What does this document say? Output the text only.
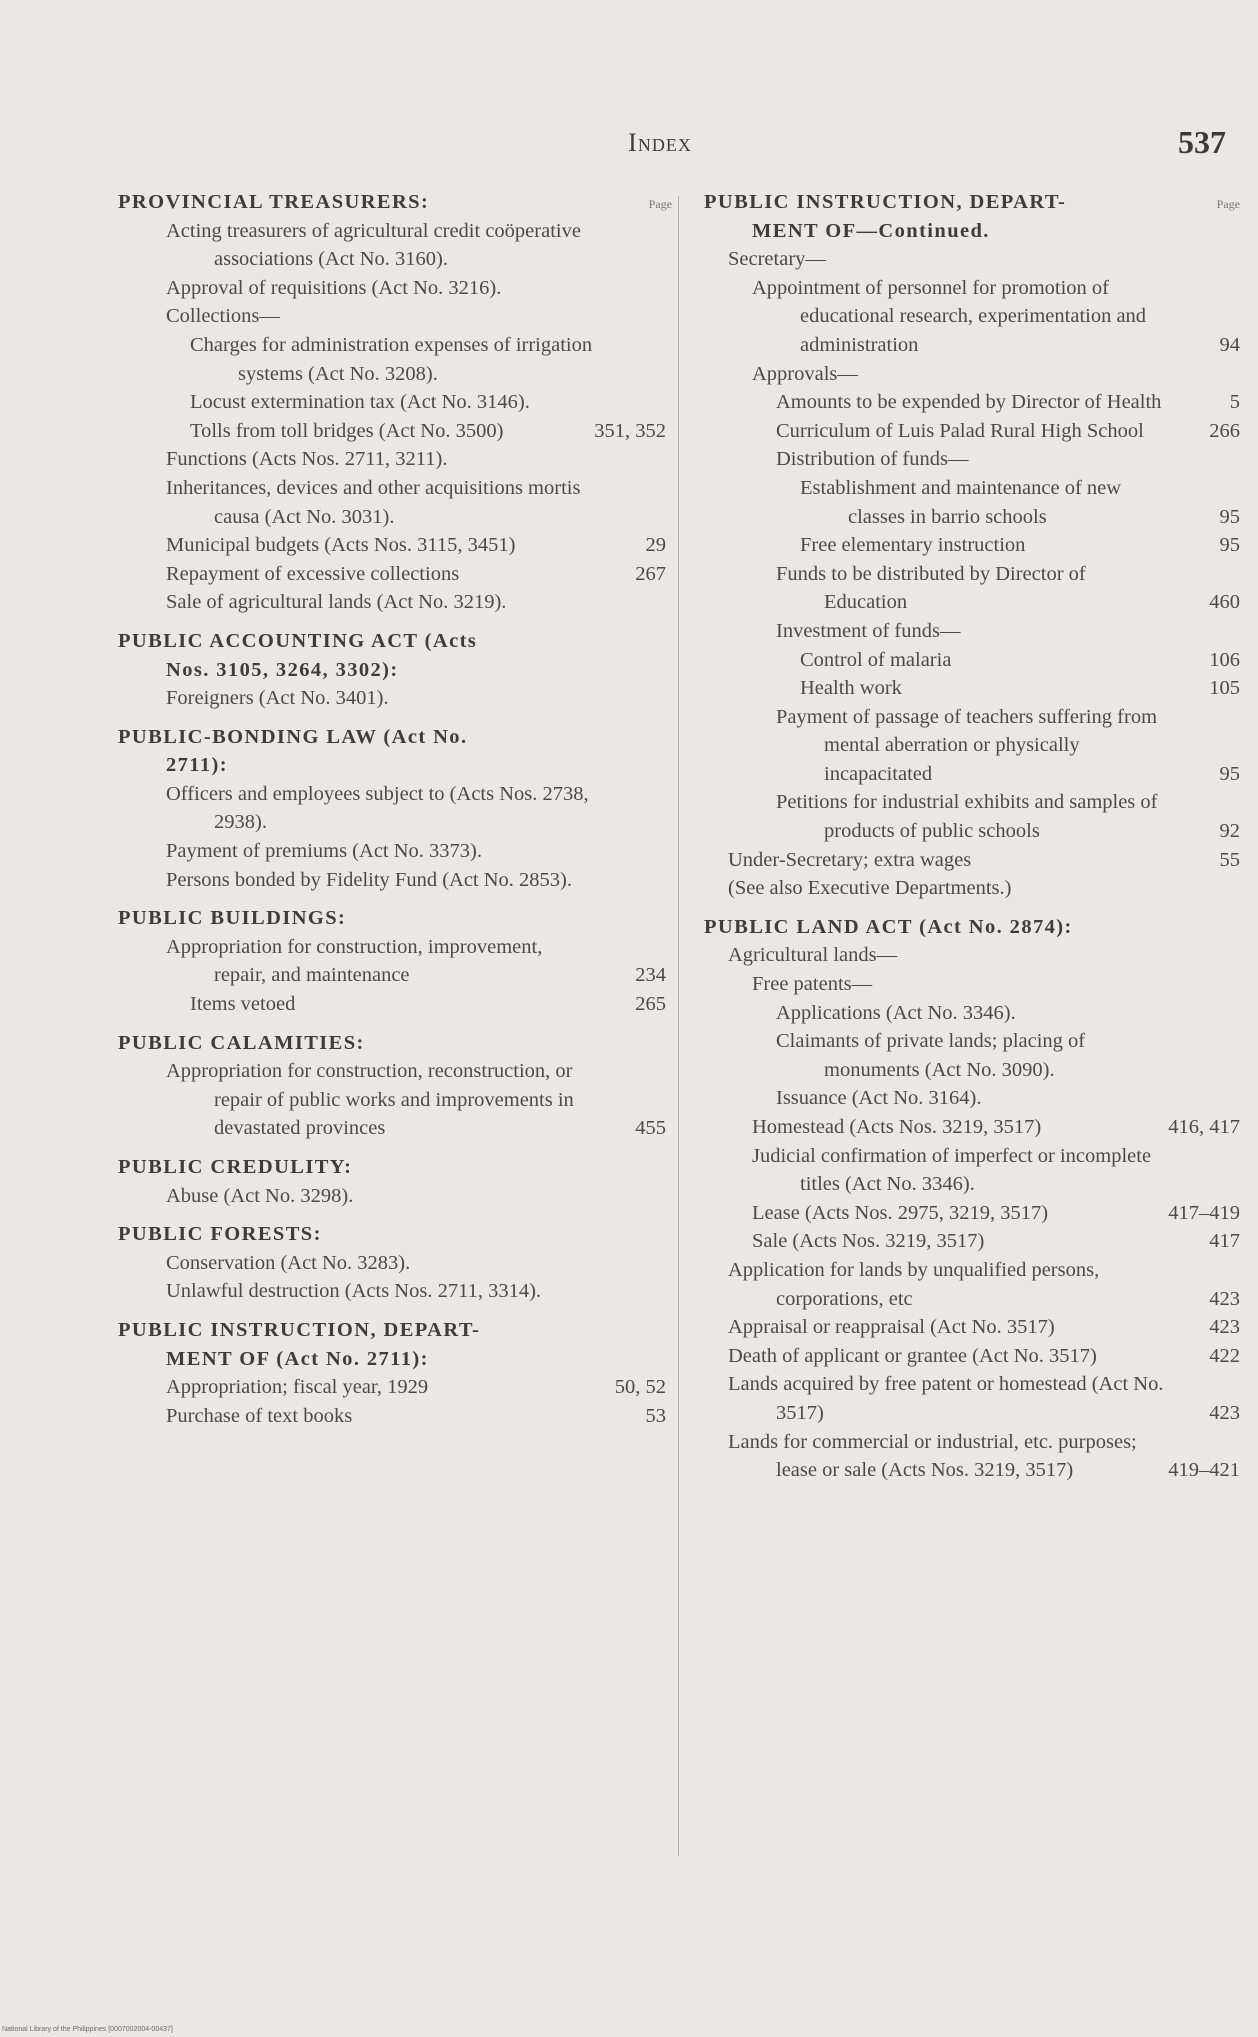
Index	537
Page
PROVINCIAL TREASURERS:
Acting treasurers of agricultural credit coöperative associations (Act No. 3160).
Approval of requisitions (Act No. 3216).
Collections—
Charges for administration expenses of irrigation systems (Act No. 3208).
Locust extermination tax (Act No. 3146).
Tolls from toll bridges (Act No. 3500)	351, 352
Functions (Acts Nos. 2711, 3211).
Inheritances, devices and other acquisitions mortis causa (Act No. 3031).
Municipal budgets (Acts Nos. 3115, 3451)	29
Repayment of excessive collections	267
Sale of agricultural lands (Act No. 3219).
PUBLIC ACCOUNTING ACT (Acts
Nos. 3105, 3264, 3302):
Foreigners (Act No. 3401).
PUBLIC-BONDING LAW (Act No.
2711):
Officers and employees subject to (Acts Nos. 2738, 2938).
Payment of premiums (Act No. 3373).
Persons bonded by Fidelity Fund (Act No. 2853).
PUBLIC BUILDINGS:
Appropriation for construction, improvement, repair, and maintenance	234
Items vetoed	265
PUBLIC CALAMITIES:
Appropriation for construction, reconstruction, or repair of public works and improvements in devastated provinces	455
PUBLIC CREDULITY:
Abuse (Act No. 3298).
PUBLIC FORESTS:
Conservation (Act No. 3283).
Unlawful destruction (Acts Nos. 2711, 3314).
PUBLIC INSTRUCTION, DEPART-
MENT OF (Act No. 2711):
Appropriation; fiscal year, 1929	50, 52
Purchase of text books	53
Page
PUBLIC INSTRUCTION, DEPART-
MENT OF—Continued.
Secretary—
Appointment of personnel for promotion of educational research, experimentation and administration	94
Approvals—
Amounts to be expended by Director of Health	5
Curriculum of Luis Palad Rural High School	266
Distribution of funds—
Establishment and maintenance of new classes in barrio schools	95
Free elementary instruction	95
Funds to be distributed by Director of Education	460
Investment of funds—
Control of malaria	106
Health work	105
Payment of passage of teachers suffering from mental aberration or physically incapacitated	95
Petitions for industrial exhibits and samples of products of public schools	92
Under-Secretary; extra wages	55
(See also Executive Departments.)
PUBLIC LAND ACT (Act No. 2874):
Agricultural lands—
Free patents—
Applications (Act No. 3346).
Claimants of private lands; placing of monuments (Act No. 3090).
Issuance (Act No. 3164).
Homestead (Acts Nos. 3219, 3517)	416, 417
Judicial confirmation of imperfect or incomplete titles (Act No. 3346).
Lease (Acts Nos. 2975, 3219, 3517)	417–419
Sale (Acts Nos. 3219, 3517)	417
Application for lands by unqualified persons, corporations, etc	423
Appraisal or reappraisal (Act No. 3517)	423
Death of applicant or grantee (Act No. 3517)	422
Lands acquired by free patent or homestead (Act No. 3517)	423
Lands for commercial or industrial, etc. purposes; lease or sale (Acts Nos. 3219, 3517)	419–421
National Library of the Philippines [0007002004-00437]
